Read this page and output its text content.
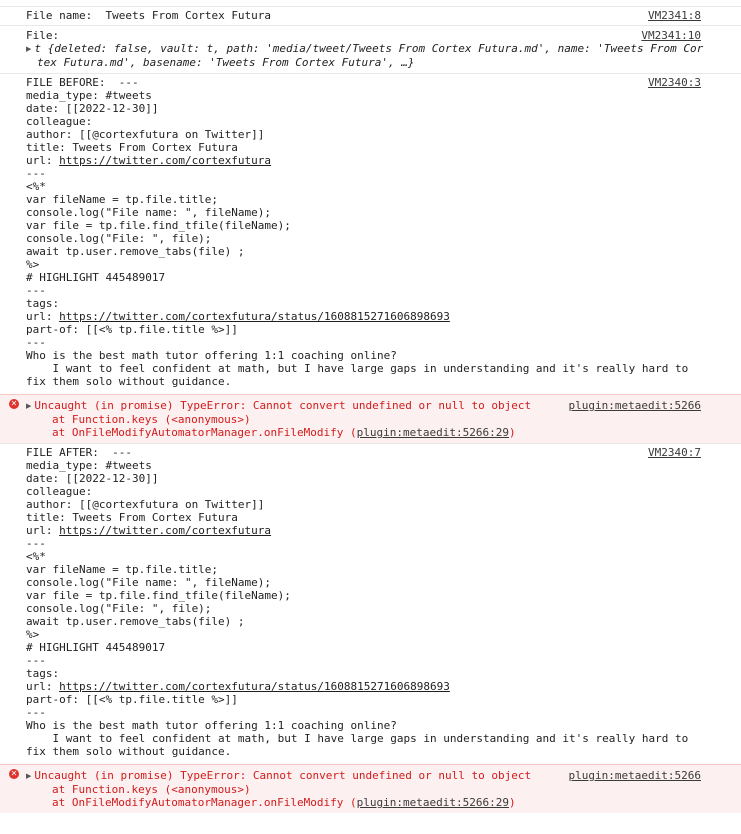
File name:  Tweets From Cortex Futura	VM2341:8
File:	VM2341:10
▶ t {deleted: false, vault: t, path: 'media/tweet/Tweets From Cortex Futura.md', name: 'Tweets From Cor
tex Futura.md', basename: 'Tweets From Cortex Futura', …}
VM2340:3
FILE BEFORE:  ---
media_type: #tweets
date: [[2022-12-30]]
colleague:
author: [[@cortexfutura on Twitter]]
title: Tweets From Cortex Futura
url: https://twitter.com/cortexfutura
---
<%*
var fileName = tp.file.title;
console.log("File name: ", fileName);
var file = tp.file.find_tfile(fileName);
console.log("File: ", file);
await tp.user.remove_tabs(file) ;
%>
# HIGHLIGHT 445489017
---
tags:
url: https://twitter.com/cortexfutura/status/1608815271606898693
part-of: [[<% tp.file.title %>]]
---
Who is the best math tutor offering 1:1 coaching online?
I want to feel confident at math, but I have large gaps in understanding and it's really hard to
fix them solo without guidance.
✕	plugin:metaedit:5266
▶ Uncaught (in promise) TypeError: Cannot convert undefined or null to object
at Function.keys (<anonymous>)
at OnFileModifyAutomatorManager.onFileModify (plugin:metaedit:5266:29)
VM2340:7
FILE AFTER:  ---
media_type: #tweets
date: [[2022-12-30]]
colleague:
author: [[@cortexfutura on Twitter]]
title: Tweets From Cortex Futura
url: https://twitter.com/cortexfutura
---
<%*
var fileName = tp.file.title;
console.log("File name: ", fileName);
var file = tp.file.find_tfile(fileName);
console.log("File: ", file);
await tp.user.remove_tabs(file) ;
%>
# HIGHLIGHT 445489017
---
tags:
url: https://twitter.com/cortexfutura/status/1608815271606898693
part-of: [[<% tp.file.title %>]]
---
Who is the best math tutor offering 1:1 coaching online?
I want to feel confident at math, but I have large gaps in understanding and it's really hard to
fix them solo without guidance.
✕	plugin:metaedit:5266
▶ Uncaught (in promise) TypeError: Cannot convert undefined or null to object
at Function.keys (<anonymous>)
at OnFileModifyAutomatorManager.onFileModify (plugin:metaedit:5266:29)
